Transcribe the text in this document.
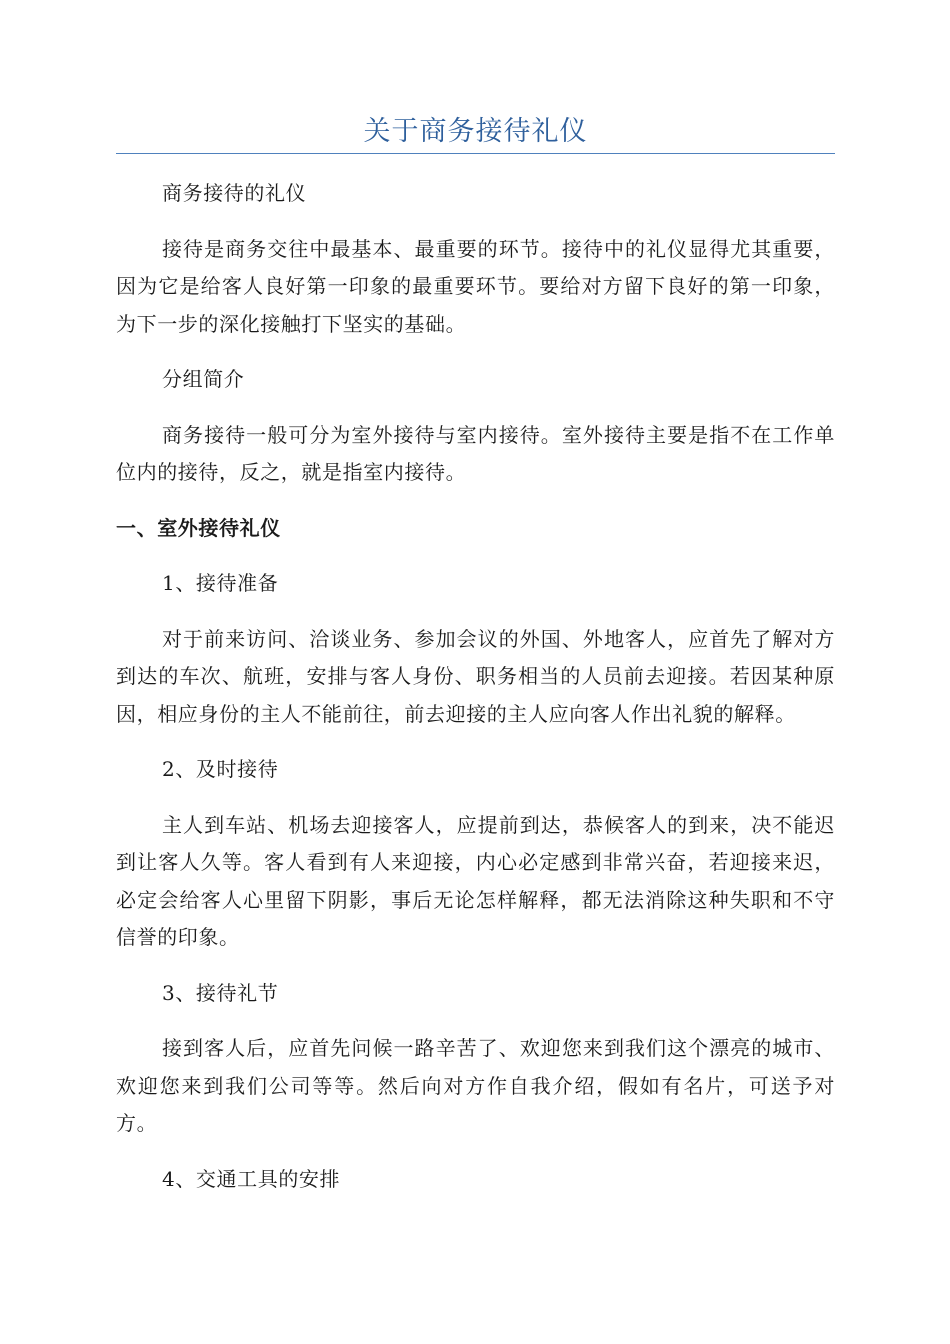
关于商务接待礼仪

商务接待的礼仪

接待是商务交往中最基本、最重要的环节。接待中的礼仪显得尤其重要，因为它是给客人良好第一印象的最重要环节。要给对方留下良好的第一印象，为下一步的深化接触打下坚实的基础。

分组简介

商务接待一般可分为室外接待与室内接待。室外接待主要是指不在工作单位内的接待，反之，就是指室内接待。

一、室外接待礼仪

1、接待准备

对于前来访问、洽谈业务、参加会议的外国、外地客人，应首先了解对方到达的车次、航班，安排与客人身份、职务相当的人员前去迎接。若因某种原因，相应身份的主人不能前往，前去迎接的主人应向客人作出礼貌的解释。

2、及时接待

主人到车站、机场去迎接客人，应提前到达，恭候客人的到来，决不能迟到让客人久等。客人看到有人来迎接，内心必定感到非常兴奋，若迎接来迟，必定会给客人心里留下阴影，事后无论怎样解释，都无法消除这种失职和不守信誉的印象。

3、接待礼节

接到客人后，应首先问候一路辛苦了、欢迎您来到我们这个漂亮的城市、欢迎您来到我们公司等等。然后向对方作自我介绍，假如有名片，可送予对方。

4、交通工具的安排
